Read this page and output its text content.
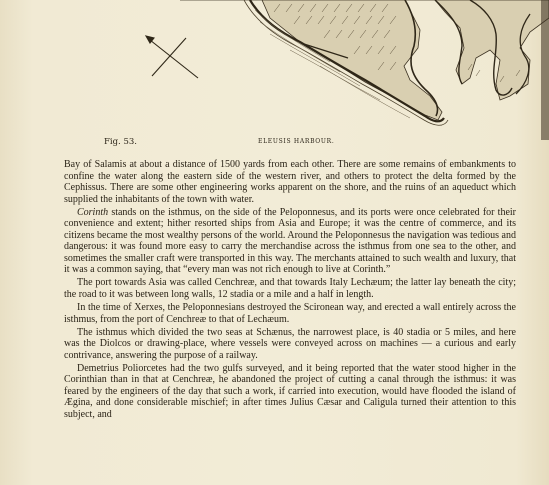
Fig. 53.	ELEUSIS HARBOUR.

Bay of Salamis at about a distance of 1500 yards from each other. There are some remains of embankments to confine the water along the eastern side of the western river, and others to protect the delta formed by the Cephissus. There are some other engineering works apparent on the shore, and the ruins of an aqueduct which supplied the inhabitants of the town with water.

Corinth stands on the isthmus, on the side of the Peloponnesus, and its ports were once celebrated for their convenience and extent; hither resorted ships from Asia and Europe; it was the centre of commerce, and its citizens became the most wealthy persons of the world. Around the Peloponnesus the navigation was tedious and dangerous: it was found more easy to carry the merchandise across the isthmus from one sea to the other, and sometimes the smaller craft were transported in this way. The merchants attained to such wealth and luxury, that it was a common saying, that “every man was not rich enough to live at Corinth.”

The port towards Asia was called Cenchreæ, and that towards Italy Lechæum; the latter lay beneath the city; the road to it was between long walls, 12 stadia or a mile and a half in length.

In the time of Xerxes, the Peloponnesians destroyed the Scironean way, and erected a wall entirely across the isthmus, from the port of Cenchreæ to that of Lechæum.

The isthmus which divided the two seas at Schænus, the narrowest place, is 40 stadia or 5 miles, and here was the Diolcos or drawing-place, where vessels were conveyed across on machines — a curious and early contrivance, answering the purpose of a railway.

Demetrius Poliorcetes had the two gulfs surveyed, and it being reported that the water stood higher in the Corinthian than in that at Cenchreæ, he abandoned the project of cutting a canal through the isthmus: it was feared by the engineers of the day that such a work, if carried into execution, would have flooded the island of Ægina, and done considerable mischief; in after times Julius Cæsar and Caligula turned their attention to this subject, and
